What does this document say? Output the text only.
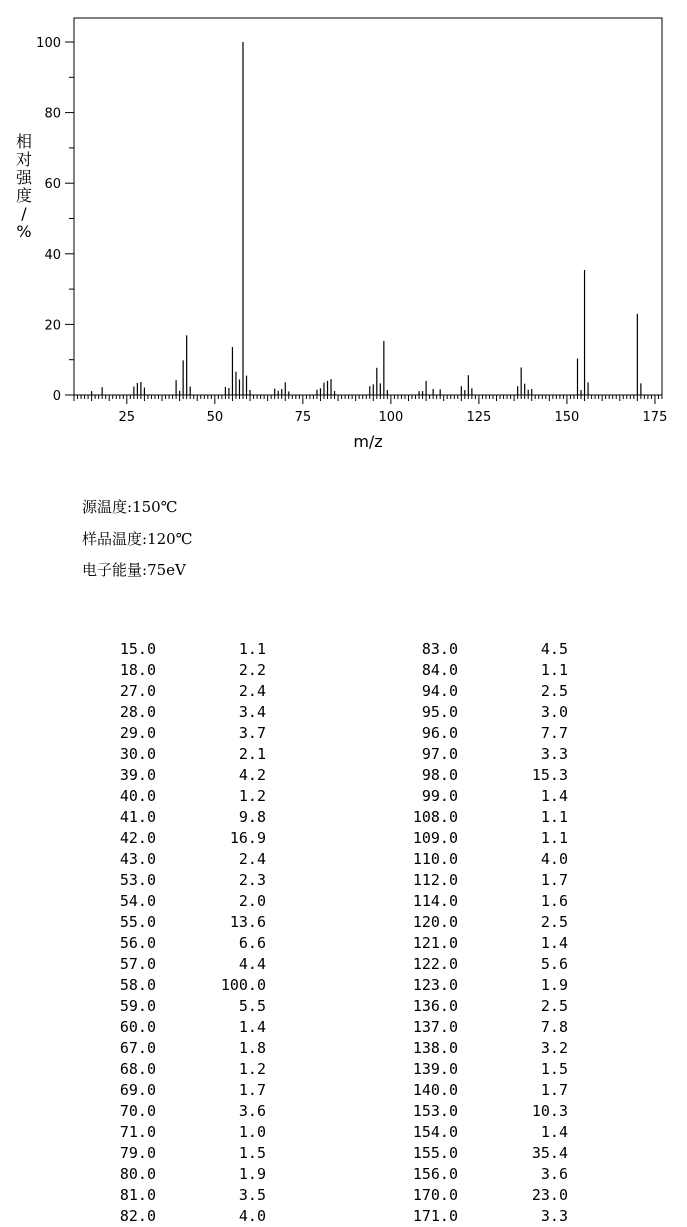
25	50	75	100	125	150	175
0
20
40
60
80
100
m/z
相
对
强
度
/
%
源温度: 150℃
样品温度: 120℃
电子能量: 75eV
15.0	1.1	83.0	4.5
18.0	2.2	84.0	1.1
27.0	2.4	94.0	2.5
28.0	3.4	95.0	3.0
29.0	3.7	96.0	7.7
30.0	2.1	97.0	3.3
39.0	4.2	98.0	15.3
40.0	1.2	99.0	1.4
41.0	9.8	108.0	1.1
42.0	16.9	109.0	1.1
43.0	2.4	110.0	4.0
53.0	2.3	112.0	1.7
54.0	2.0	114.0	1.6
55.0	13.6	120.0	2.5
56.0	6.6	121.0	1.4
57.0	4.4	122.0	5.6
58.0	100.0	123.0	1.9
59.0	5.5	136.0	2.5
60.0	1.4	137.0	7.8
67.0	1.8	138.0	3.2
68.0	1.2	139.0	1.5
69.0	1.7	140.0	1.7
70.0	3.6	153.0	10.3
71.0	1.0	154.0	1.4
79.0	1.5	155.0	35.4
80.0	1.9	156.0	3.6
81.0	3.5	170.0	23.0
82.0	4.0	171.0	3.3
